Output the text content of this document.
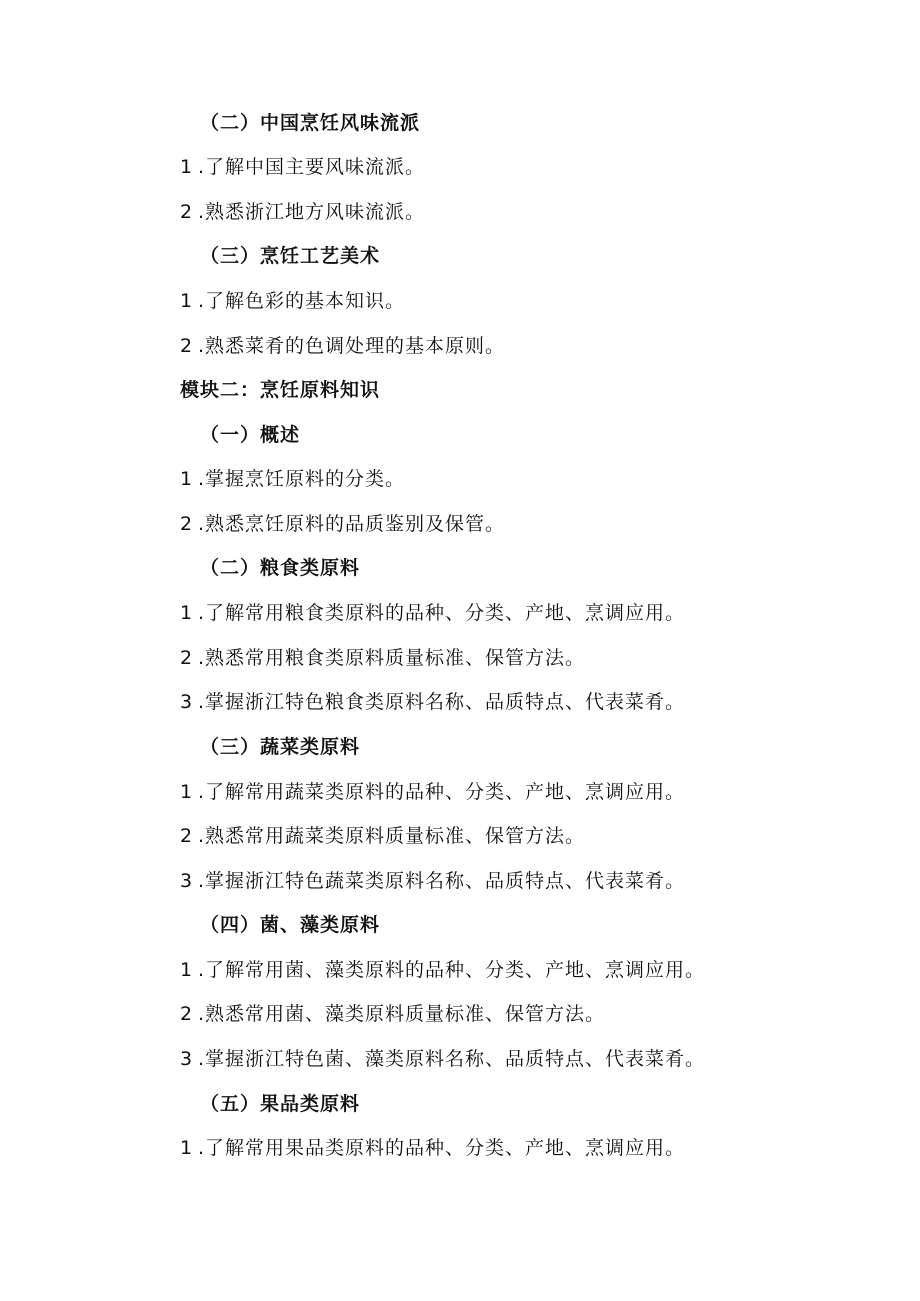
（二）中国烹饪风味流派
1 .了解中国主要风味流派。
2 .熟悉浙江地方风味流派。
（三）烹饪工艺美术
1 .了解色彩的基本知识。
2 .熟悉菜肴的色调处理的基本原则。
模块二：烹饪原料知识
（一）概述
1 .掌握烹饪原料的分类。
2 .熟悉烹饪原料的品质鉴别及保管。
（二）粮食类原料
1 .了解常用粮食类原料的品种、分类、产地、烹调应用。
2 .熟悉常用粮食类原料质量标准、保管方法。
3 .掌握浙江特色粮食类原料名称、品质特点、代表菜肴。
（三）蔬菜类原料
1 .了解常用蔬菜类原料的品种、分类、产地、烹调应用。
2 .熟悉常用蔬菜类原料质量标准、保管方法。
3 .掌握浙江特色蔬菜类原料名称、品质特点、代表菜肴。
（四）菌、藻类原料
1 .了解常用菌、藻类原料的品种、分类、产地、烹调应用。
2 .熟悉常用菌、藻类原料质量标准、保管方法。
3 .掌握浙江特色菌、藻类原料名称、品质特点、代表菜肴。
（五）果品类原料
1 .了解常用果品类原料的品种、分类、产地、烹调应用。
